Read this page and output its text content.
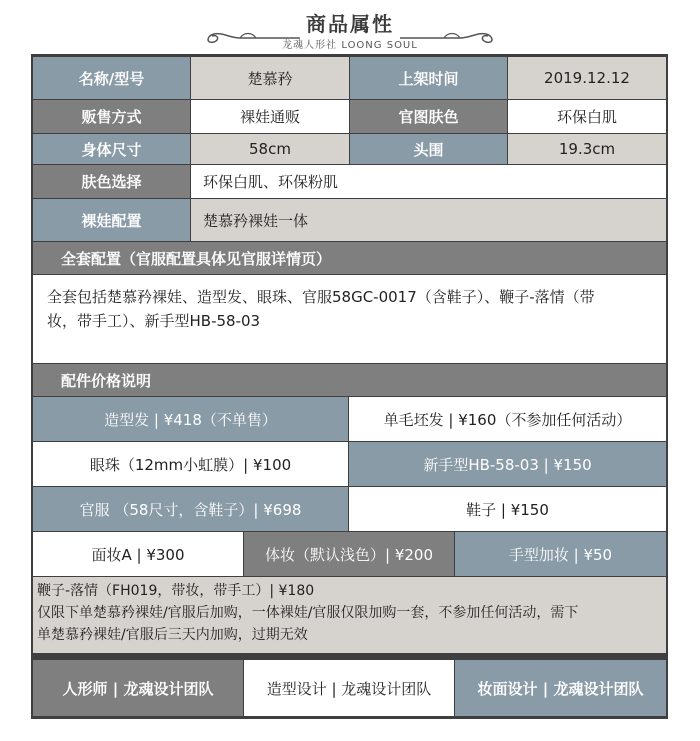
商品属性
龙魂人形社 LOONG SOUL
名称/型号	楚慕矜	上架时间	2019.12.12
贩售方式	裸娃通贩	官图肤色	环保白肌
身体尺寸	58cm	头围	19.3cm
肤色选择	环保白肌、环保粉肌
裸娃配置	楚慕矜裸娃一体
全套配置（官服配置具体见官服详情页）
全套包括楚慕矜裸娃、造型发、眼珠、官服58GC-0017（含鞋子）、鞭子-落情（带
妆，带手工）、新手型HB-58-03
配件价格说明
造型发 | ¥418（不单售）	单毛坯发 | ¥160（不参加任何活动）
眼珠（12mm小虹膜）| ¥100	新手型HB-58-03 | ¥150
官服 （58尺寸，含鞋子）| ¥698	鞋子 | ¥150
面妆A | ¥300	体妆（默认浅色）| ¥200	手型加妆 | ¥50
鞭子-落情（FH019，带妆，带手工）| ¥180
仅限下单楚慕矜裸娃/官服后加购，一体裸娃/官服仅限加购一套，不参加任何活动，需下
单楚慕矜裸娃/官服后三天内加购，过期无效
人形师 | 龙魂设计团队	造型设计 | 龙魂设计团队	妆面设计 | 龙魂设计团队
